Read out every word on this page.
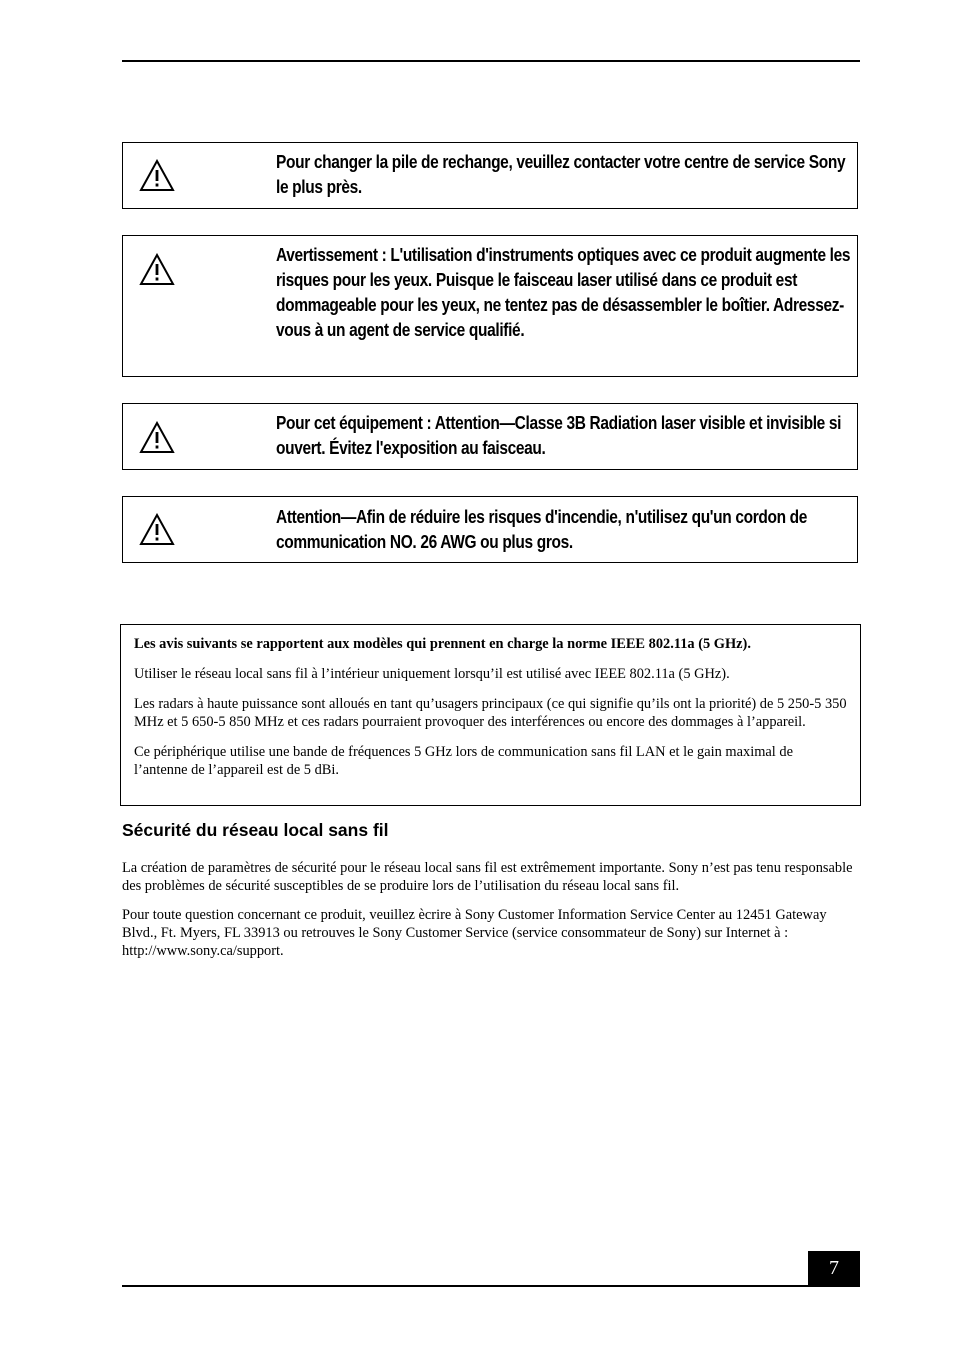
Pour changer la pile de rechange, veuillez contacter votre centre de service Sony le plus près.
Avertissement : L'utilisation d'instruments optiques avec ce produit augmente les risques pour les yeux. Puisque le faisceau laser utilisé dans ce produit est dommageable pour les yeux, ne tentez pas de désassembler le boîtier. Adressez-vous à un agent de service qualifié.
Pour cet équipement : Attention—Classe 3B Radiation laser visible et invisible si ouvert. Évitez l'exposition au faisceau.
Attention—Afin de réduire les risques d'incendie, n'utilisez qu'un cordon de communication NO. 26 AWG ou plus gros.

Les avis suivants se rapportent aux modèles qui prennent en charge la norme IEEE 802.11a (5 GHz).

Utiliser le réseau local sans fil à l’intérieur uniquement lorsqu’il est utilisé avec IEEE 802.11a (5 GHz).

Les radars à haute puissance sont alloués en tant qu’usagers principaux (ce qui signifie qu’ils ont la priorité) de 5 250-5 350 MHz et 5 650-5 850 MHz et ces radars pourraient provoquer des interférences ou encore des dommages à l’appareil.

Ce périphérique utilise une bande de fréquences 5 GHz lors de communication sans fil LAN et le gain maximal de l’antenne de l’appareil est de 5 dBi.

Sécurité du réseau local sans fil
La création de paramètres de sécurité pour le réseau local sans fil est extrêmement importante. Sony n’est pas tenu responsable des problèmes de sécurité susceptibles de se produire lors de l’utilisation du réseau local sans fil.
Pour toute question concernant ce produit, veuillez ècrire à Sony Customer Information Service Center au 12451 Gateway Blvd., Ft. Myers, FL 33913 ou retrouves le Sony Customer Service (service consommateur de Sony) sur Internet à : http://www.sony.ca/support.
7
